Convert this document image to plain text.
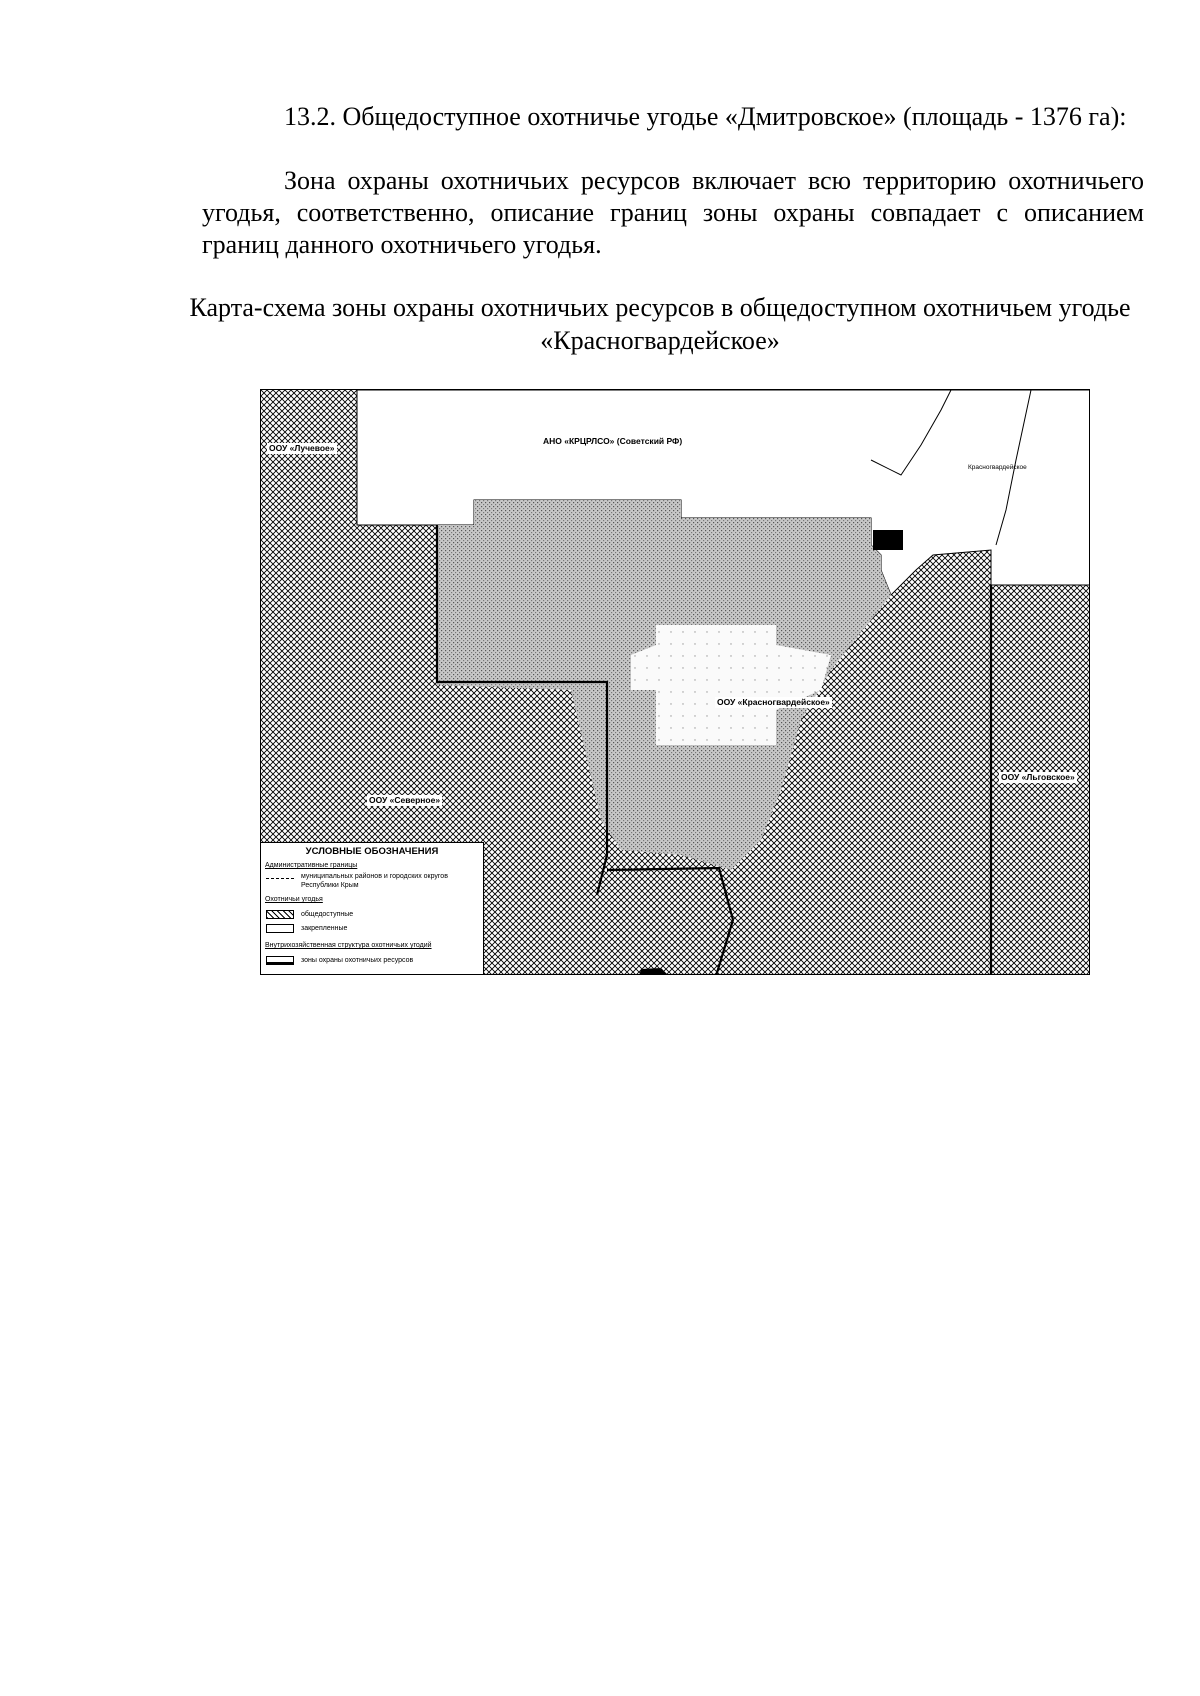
13.2. Общедоступное охотничье угодье «Дмитровское» (площадь - 1376 га):
Зона охраны охотничьих ресурсов включает всю территорию охотничьего угодья, соответственно, описание границ зоны охраны совпадает с описанием границ данного охотничьего угодья.
Карта-схема зоны охраны охотничьих ресурсов в общедоступном охотничьем угодье «Красногвардейское»
ООУ «Лучевое»
АНО «КРЦРЛСО» (Советский РФ)
Красногвардейское
ООУ «Красногвардейское»
ООУ «Северное»
ООУ «Льговское»
УСЛОВНЫЕ ОБОЗНАЧЕНИЯ
Административные границы
муниципальных районов и городских округов Республики Крым
Охотничьи угодья
общедоступные
закрепленные
Внутрихозяйственная структура охотничьих угодий
зоны охраны охотничьих ресурсов
